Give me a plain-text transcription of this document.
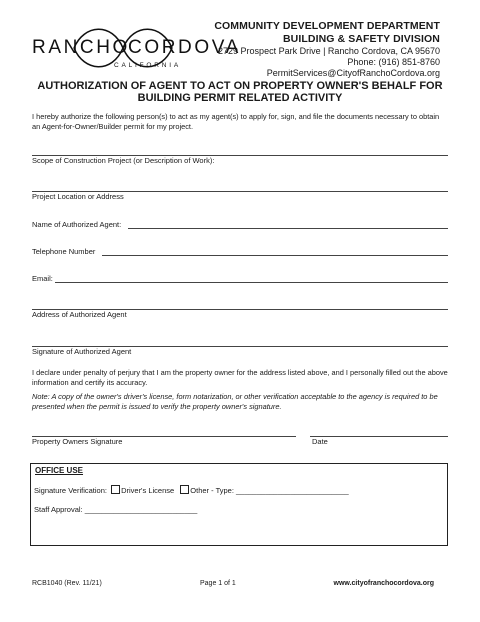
RANCHO
CORDOVA
CALIFORNIA
COMMUNITY DEVELOPMENT DEPARTMENT
BUILDING & SAFETY DIVISION
2729 Prospect Park Drive | Rancho Cordova, CA 95670
Phone: (916) 851-8760
PermitServices@CityofRanchoCordova.org
AUTHORIZATION OF AGENT TO ACT ON PROPERTY OWNER'S BEHALF FOR
BUILDING PERMIT RELATED ACTIVITY
I hereby authorize the following person(s) to act as my agent(s) to apply for, sign, and file the documents necessary to obtain an Agent-for-Owner/Builder permit for my project.
Scope of Construction Project (or Description of Work):
Project Location or Address
Name of Authorized Agent:
Telephone Number
Email:
Address of Authorized Agent
Signature of Authorized Agent
I declare under penalty of perjury that I am the property owner for the address listed above, and I personally filled out the above information and certify its accuracy.
Note: A copy of the owner's driver's license, form notarization, or other verification acceptable to the agency is required to be presented when the permit is issued to verify the property owner's signature.
Property Owners Signature	Date
OFFICE USE
Signature Verification: Driver's License Other - Type: ___________________________
Staff Approval: ___________________________
RCB1040 (Rev. 11/21)	Page 1 of 1	www.cityofranchocordova.org
